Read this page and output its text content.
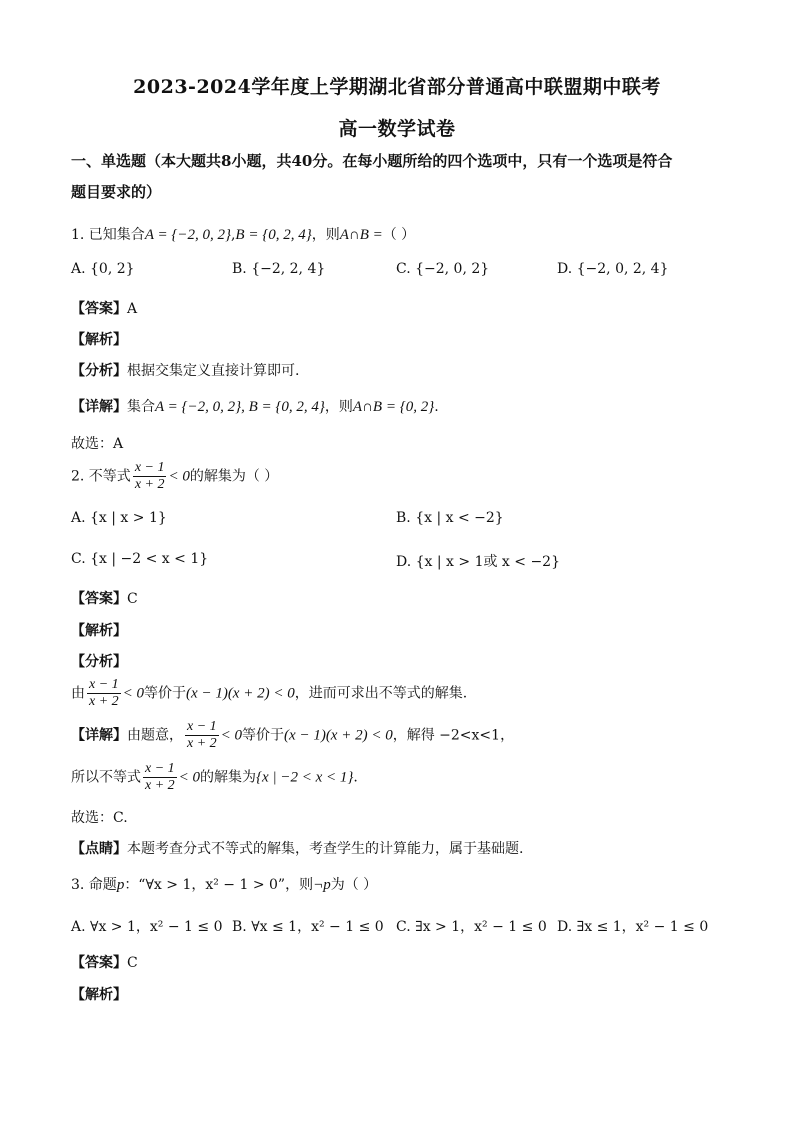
2023-2024学年度上学期湖北省部分普通高中联盟期中联考
高一数学试卷
一、单选题（本大题共8小题，共40分。在每小题所给的四个选项中，只有一个选项是符合
题目要求的）
1. 已知集合A = {−2, 0, 2},B = {0, 2, 4}，则A∩B =（ ）
A. {0, 2}	B. {−2, 2, 4}	C. {−2, 0, 2}	D. {−2, 0, 2, 4}
【答案】A
【解析】
【分析】根据交集定义直接计算即可.
【详解】集合A = {−2, 0, 2}, B = {0, 2, 4}，则A∩B = {0, 2}.
故选：A
2. 不等式 $\frac{x - 1}{x + 2} < 0$的解集为（ ）
A. {x | x > 1}	B. {x | x < −2}
C. {x | −2 < x < 1}	D. {x | x > 1或 x < −2}
【答案】C
【解析】
【分析】
由 $\frac{x - 1}{x + 2} < 0$等价于(x − 1)(x + 2) < 0，进而可求出不等式的解集.
【详解】由题意， $\frac{x - 1}{x + 2} < 0$等价于(x − 1)(x + 2) < 0，解得 −2<x<1，
所以不等式 $\frac{x - 1}{x + 2} < 0$的解集为{x | −2 < x < 1}.
故选：C.
【点睛】本题考查分式不等式的解集，考查学生的计算能力，属于基础题.
3. 命题p：“∀x > 1，x² − 1 > 0”，则¬p为（ ）
A. ∀x > 1，x² − 1 ≤ 0 B. ∀x ≤ 1，x² − 1 ≤ 0 C. ∃x > 1，x² − 1 ≤ 0 D. ∃x ≤ 1，x² − 1 ≤ 0
【答案】C
【解析】
